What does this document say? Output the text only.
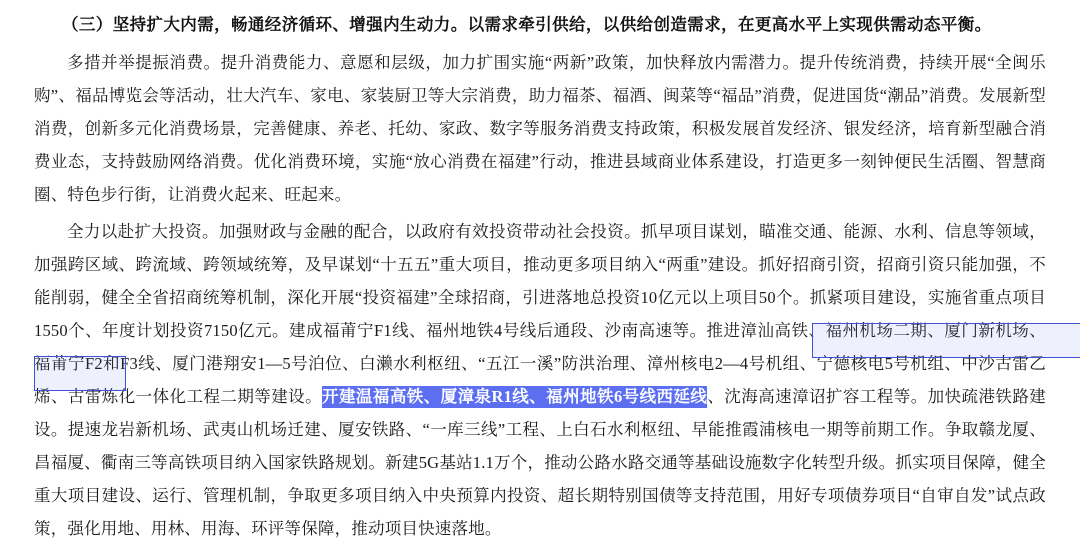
（三）坚持扩大内需，畅通经济循环、增强内生动力。以需求牵引供给，以供给创造需求，在更高水平上实现供需动态平衡。

多措并举提振消费。提升消费能力、意愿和层级，加力扩围实施“两新”政策，加快释放内需潜力。提升传统消费，持续开展“全闽乐购”、福品博览会等活动，壮大汽车、家电、家装厨卫等大宗消费，助力福茶、福酒、闽菜等“福品”消费，促进国货“潮品”消费。发展新型消费，创新多元化消费场景，完善健康、养老、托幼、家政、数字等服务消费支持政策，积极发展首发经济、银发经济，培育新型融合消费业态，支持鼓励网络消费。优化消费环境，实施“放心消费在福建”行动，推进县域商业体系建设，打造更多一刻钟便民生活圈、智慧商圈、特色步行街，让消费火起来、旺起来。

全力以赴扩大投资。加强财政与金融的配合，以政府有效投资带动社会投资。抓早项目谋划，瞄准交通、能源、水利、信息等领域，加强跨区域、跨流域、跨领域统筹，及早谋划“十五五”重大项目，推动更多项目纳入“两重”建设。抓好招商引资，招商引资只能加强，不能削弱，健全全省招商统筹机制，深化开展“投资福建”全球招商，引进落地总投资10亿元以上项目50个。抓紧项目建设，实施省重点项目1550个、年度计划投资7150亿元。建成福莆宁F1线、福州地铁4号线后通段、沙南高速等。推进漳汕高铁、福州机场二期、厦门新机场、福莆宁F2和F3线、厦门港翔安1—5号泊位、白濑水利枢纽、“五江一溪”防洪治理、漳州核电2—4号机组、宁德核电5号机组、中沙古雷乙烯、古雷炼化一体化工程二期等建设。开建温福高铁、厦漳泉R1线、福州地铁6号线西延线、沈海高速漳诏扩容工程等。加快疏港铁路建设。提速龙岩新机场、武夷山机场迁建、厦安铁路、“一库三线”工程、上白石水利枢纽、早能推霞浦核电一期等前期工作。争取赣龙厦、昌福厦、衢南三等高铁项目纳入国家铁路规划。新建5G基站1.1万个，推动公路水路交通等基础设施数字化转型升级。抓实项目保障，健全重大项目建设、运行、管理机制，争取更多项目纳入中央预算内投资、超长期特别国债等支持范围，用好专项债券项目“自审自发”试点政策，强化用地、用林、用海、环评等保障，推动项目快速落地。
